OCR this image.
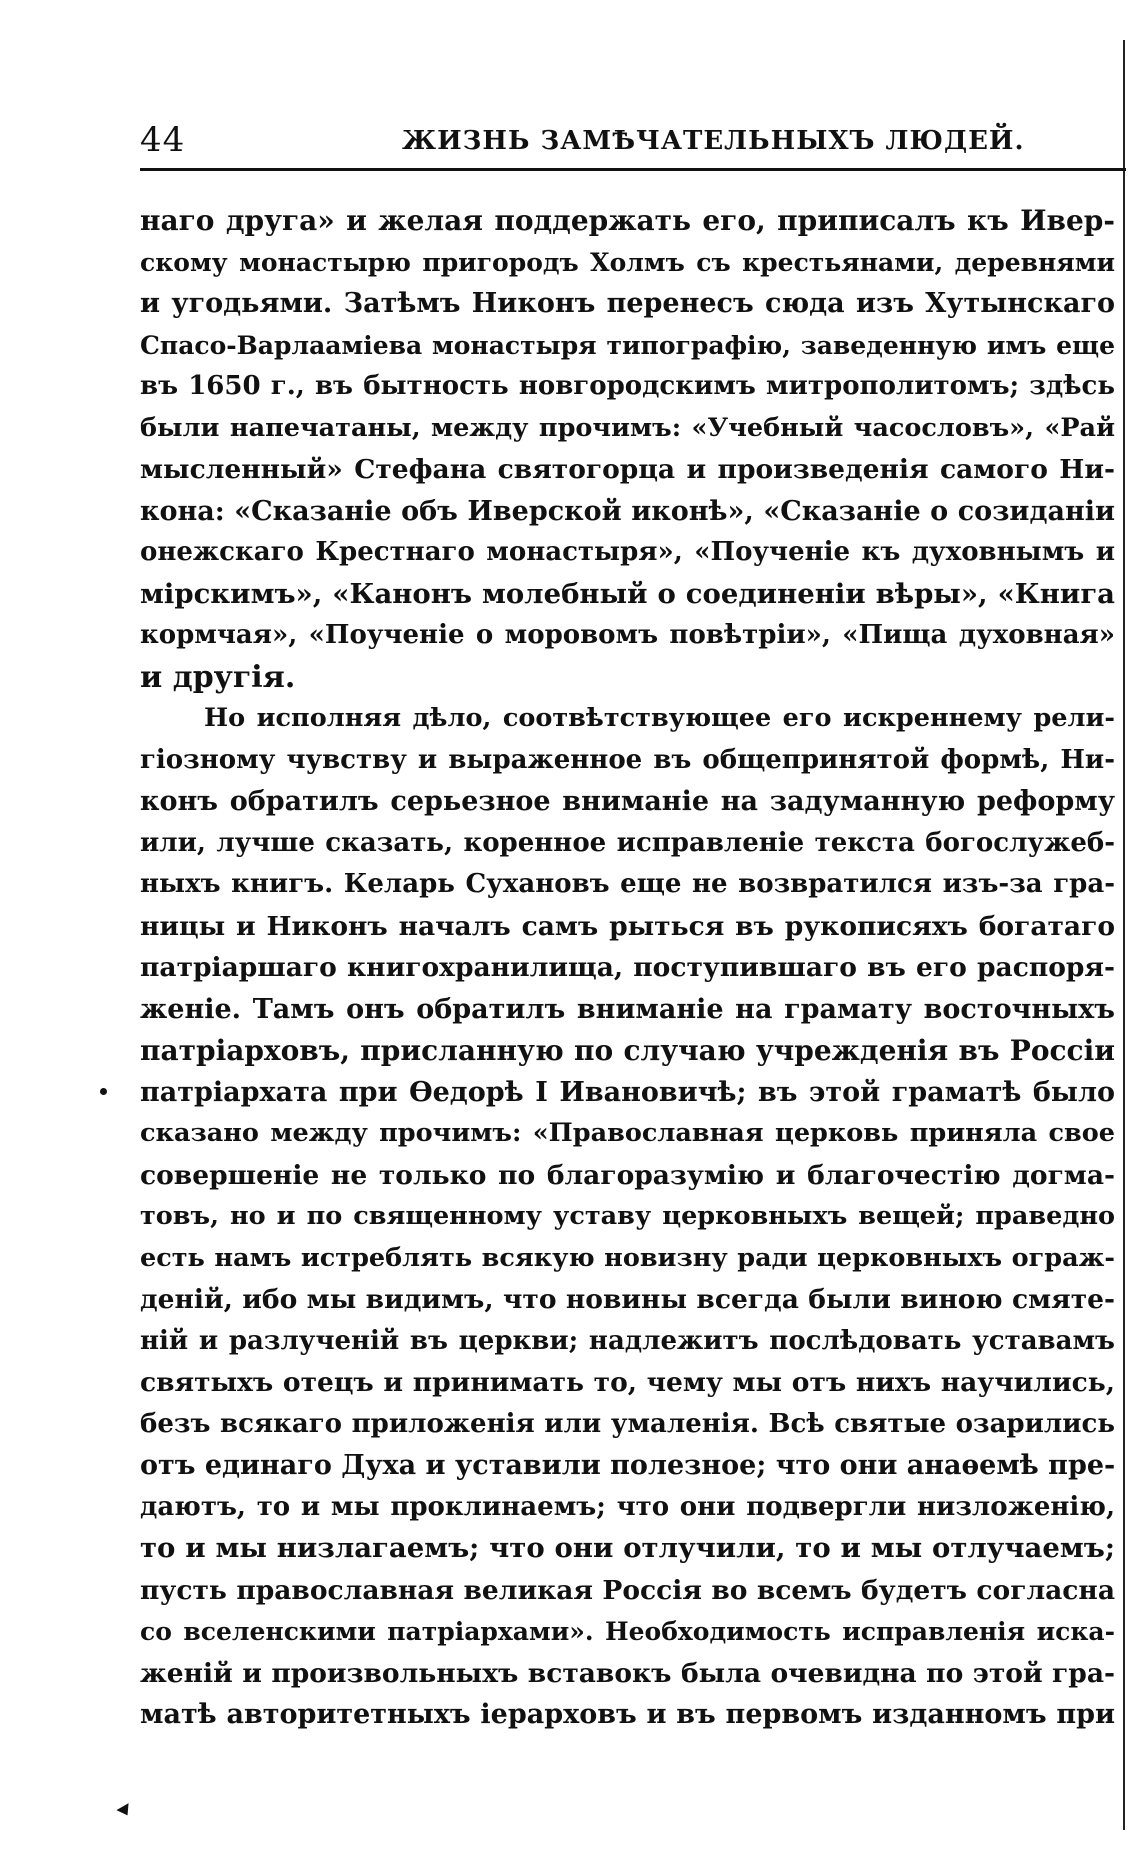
44	ЖИЗНЬ ЗАМѢЧАТЕЛЬНЫХЪ ЛЮДЕЙ.
наго друга» и желая поддержать его, приписалъ къ Ивер-
скому монастырю пригородъ Холмъ съ крестьянами, деревнями
и угодьями. Затѣмъ Никонъ перенесъ сюда изъ Хутынскаго
Спасо-Варлаамiева монастыря типографiю, заведенную имъ еще
въ 1650 г., въ бытность новгородскимъ митрополитомъ; здѣсь
были напечатаны, между прочимъ: «Учебный часословъ», «Рай
мысленный» Стефана святогорца и произведенiя самого Ни-
кона: «Сказанiе объ Иверской иконѣ», «Сказанiе о созиданiи
онежскаго Крестнаго монастыря», «Поученiе къ духовнымъ и
мiрскимъ», «Канонъ молебный о соединенiи вѣры», «Книга
кормчая», «Поученiе о моровомъ повѣтрiи», «Пища духовная»
и другiя.
Но исполняя дѣло, соотвѣтствующее его искреннему рели-
гiозному чувству и выраженное въ общепринятой формѣ, Ни-
конъ обратилъ серьезное вниманiе на задуманную реформу
или, лучше сказать, коренное исправленiе текста богослужеб-
ныхъ книгъ. Келарь Сухановъ еще не возвратился изъ-за гра-
ницы и Никонъ началъ самъ рыться въ рукописяхъ богатаго
патрiаршаго книгохранилища, поступившаго въ его распоря-
женiе. Тамъ онъ обратилъ вниманiе на грамату восточныхъ
патрiарховъ, присланную по случаю учрежденiя въ Россiи
патрiархата при Ѳедорѣ I Ивановичѣ; въ этой граматѣ было
сказано между прочимъ: «Православная церковь приняла свое
совершенiе не только по благоразумiю и благочестiю догма-
товъ, но и по священному уставу церковныхъ вещей; праведно
есть намъ истреблять всякую новизну ради церковныхъ огpаж-
денiй, ибо мы видимъ, что новины всегда были виною смяте-
нiй и разлученiй въ церкви; надлежитъ послѣдовать уставамъ
святыхъ отецъ и принимать то, чему мы отъ нихъ научились,
безъ всякаго приложенiя или умаленiя. Всѣ святые озарились
отъ единаго Духа и уставили полезное; что они анаѳемѣ пре-
даютъ, то и мы проклинаемъ; что они подвергли низложенiю,
то и мы низлагаемъ; что они отлучили, то и мы отлучаемъ;
пусть православная великая Россiя во всемъ будетъ согласна
со вселенскими патрiархами». Необходимость исправленiя иска-
женiй и произвольныхъ вставокъ была очевидна по этой гра-
матѣ авторитетныхъ iерарховъ и въ первомъ изданномъ при
